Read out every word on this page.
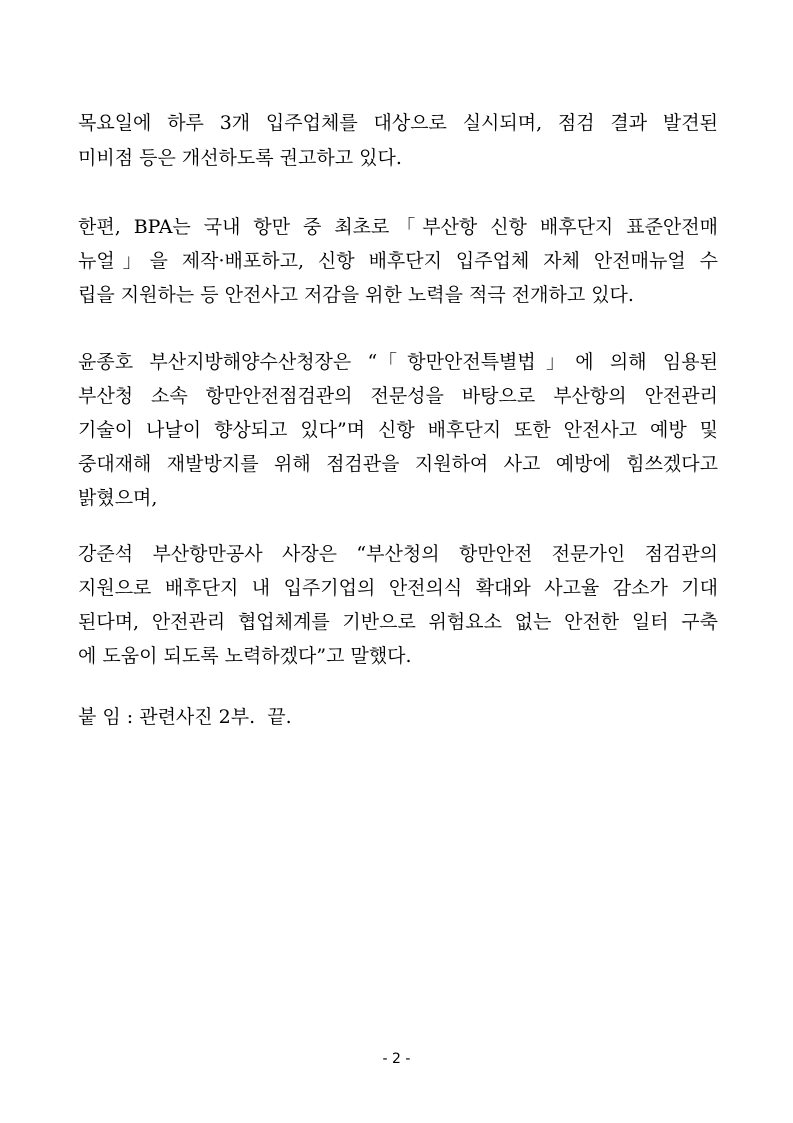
목요일에 하루 3개 입주업체를 대상으로 실시되며, 점검 결과 발견된
미비점 등은 개선하도록 권고하고 있다.
한편, BPA는 국내 항만 중 최초로「부산항 신항 배후단지 표준안전매
뉴얼」을 제작·배포하고, 신항 배후단지 입주업체 자체 안전매뉴얼 수
립을 지원하는 등 안전사고 저감을 위한 노력을 적극 전개하고 있다.
윤종호 부산지방해양수산청장은 “「항만안전특별법」에 의해 임용된
부산청 소속 항만안전점검관의 전문성을 바탕으로 부산항의 안전관리
기술이 나날이 향상되고 있다”며 신항 배후단지 또한 안전사고 예방 및
중대재해 재발방지를 위해 점검관을 지원하여 사고 예방에 힘쓰겠다고
밝혔으며,
강준석 부산항만공사 사장은 “부산청의 항만안전 전문가인 점검관의
지원으로 배후단지 내 입주기업의 안전의식 확대와 사고율 감소가 기대
된다며, 안전관리 협업체계를 기반으로 위험요소 없는 안전한 일터 구축
에 도움이 되도록 노력하겠다”고 말했다.
붙 임 : 관련사진 2부.  끝.
- 2 -
